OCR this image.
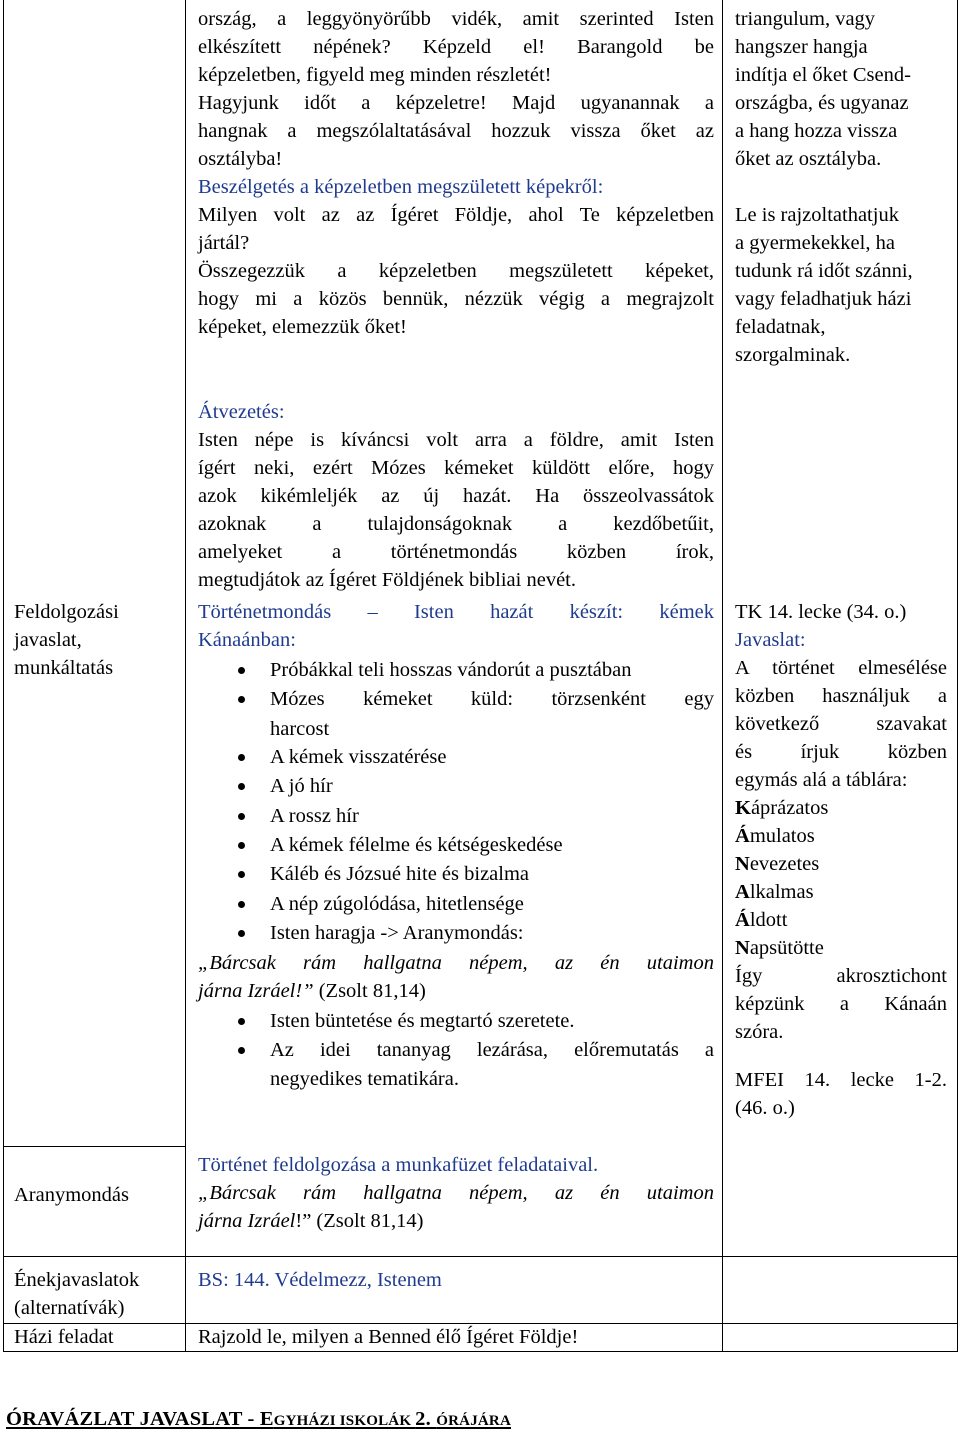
ország, a leggyönyörűbb vidék, amit szerinted Isten
elkészített népének? Képzeld el! Barangold be
képzeletben, figyeld meg minden részletét!
Hagyjunk időt a képzeletre! Majd ugyanannak a
hangnak a megszólaltatásával hozzuk vissza őket az
osztályba!
Beszélgetés a képzeletben megszületett képekről:
Milyen volt az az Ígéret Földje, ahol Te képzeletben
jártál?
Összegezzük a képzeletben megszületett képeket,
hogy mi a közös bennük, nézzük végig a megrajzolt
képeket, elemezzük őket!
triangulum, vagy
hangszer hangja
indítja el őket Csend-
országba, és ugyanaz
a hang hozza vissza
őket az osztályba.
Le is rajzoltathatjuk
a gyermekekkel, ha
tudunk rá időt szánni,
vagy feladhatjuk házi
feladatnak,
szorgalminak.
Átvezetés:
Isten népe is kíváncsi volt arra a földre, amit Isten
ígért neki, ezért Mózes kémeket küldött előre, hogy
azok kikémleljék az új hazát. Ha összeolvassátok
azoknak a tulajdonságoknak a kezdőbetűit,
amelyeket a történetmondás közben írok,
megtudjátok az Ígéret Földjének bibliai nevét.
Feldolgozási
javaslat,
munkáltatás
Történetmondás – Isten hazát készít: kémek
Kánaánban:
Próbákkal teli hosszas vándorút a pusztában
Mózes kémeket küld: törzsenként egy
harcost
A kémek visszatérése
A jó hír
A rossz hír
A kémek félelme és kétségeskedése
Káléb és Józsué hite és bizalma
A nép zúgolódása, hitetlensége
Isten haragja -> Aranymondás:
„Bárcsak rám hallgatna népem, az én utaimon
járna Izráel!” (Zsolt 81,14)
Isten büntetése és megtartó szeretete.
Az idei tananyag lezárása, előremutatás a
negyedikes tematikára.
TK 14. lecke (34. o.)
Javaslat:
A történet elmesélése
közben használjuk a
következő szavakat
és írjuk közben
egymás alá a táblára:
Káprázatos
Ámulatos
Nevezetes
Alkalmas
Áldott
Napsütötte
Így akrosztichont
képzünk a Kánaán
szóra.
MFEI 14. lecke 1-2.
(46. o.)
Aranymondás
Történet feldolgozása a munkafüzet feladataival.
„Bárcsak rám hallgatna népem, az én utaimon
járna Izráel!” (Zsolt 81,14)
Énekjavaslatok
(alternatívák)
BS: 144. Védelmezz, Istenem
Házi feladat	Rajzold le, milyen a Benned élő Ígéret Földje!
ÓRAVÁZLAT JAVASLAT - EGYHÁZI ISKOLÁK 2. ÓRÁJÁRA
